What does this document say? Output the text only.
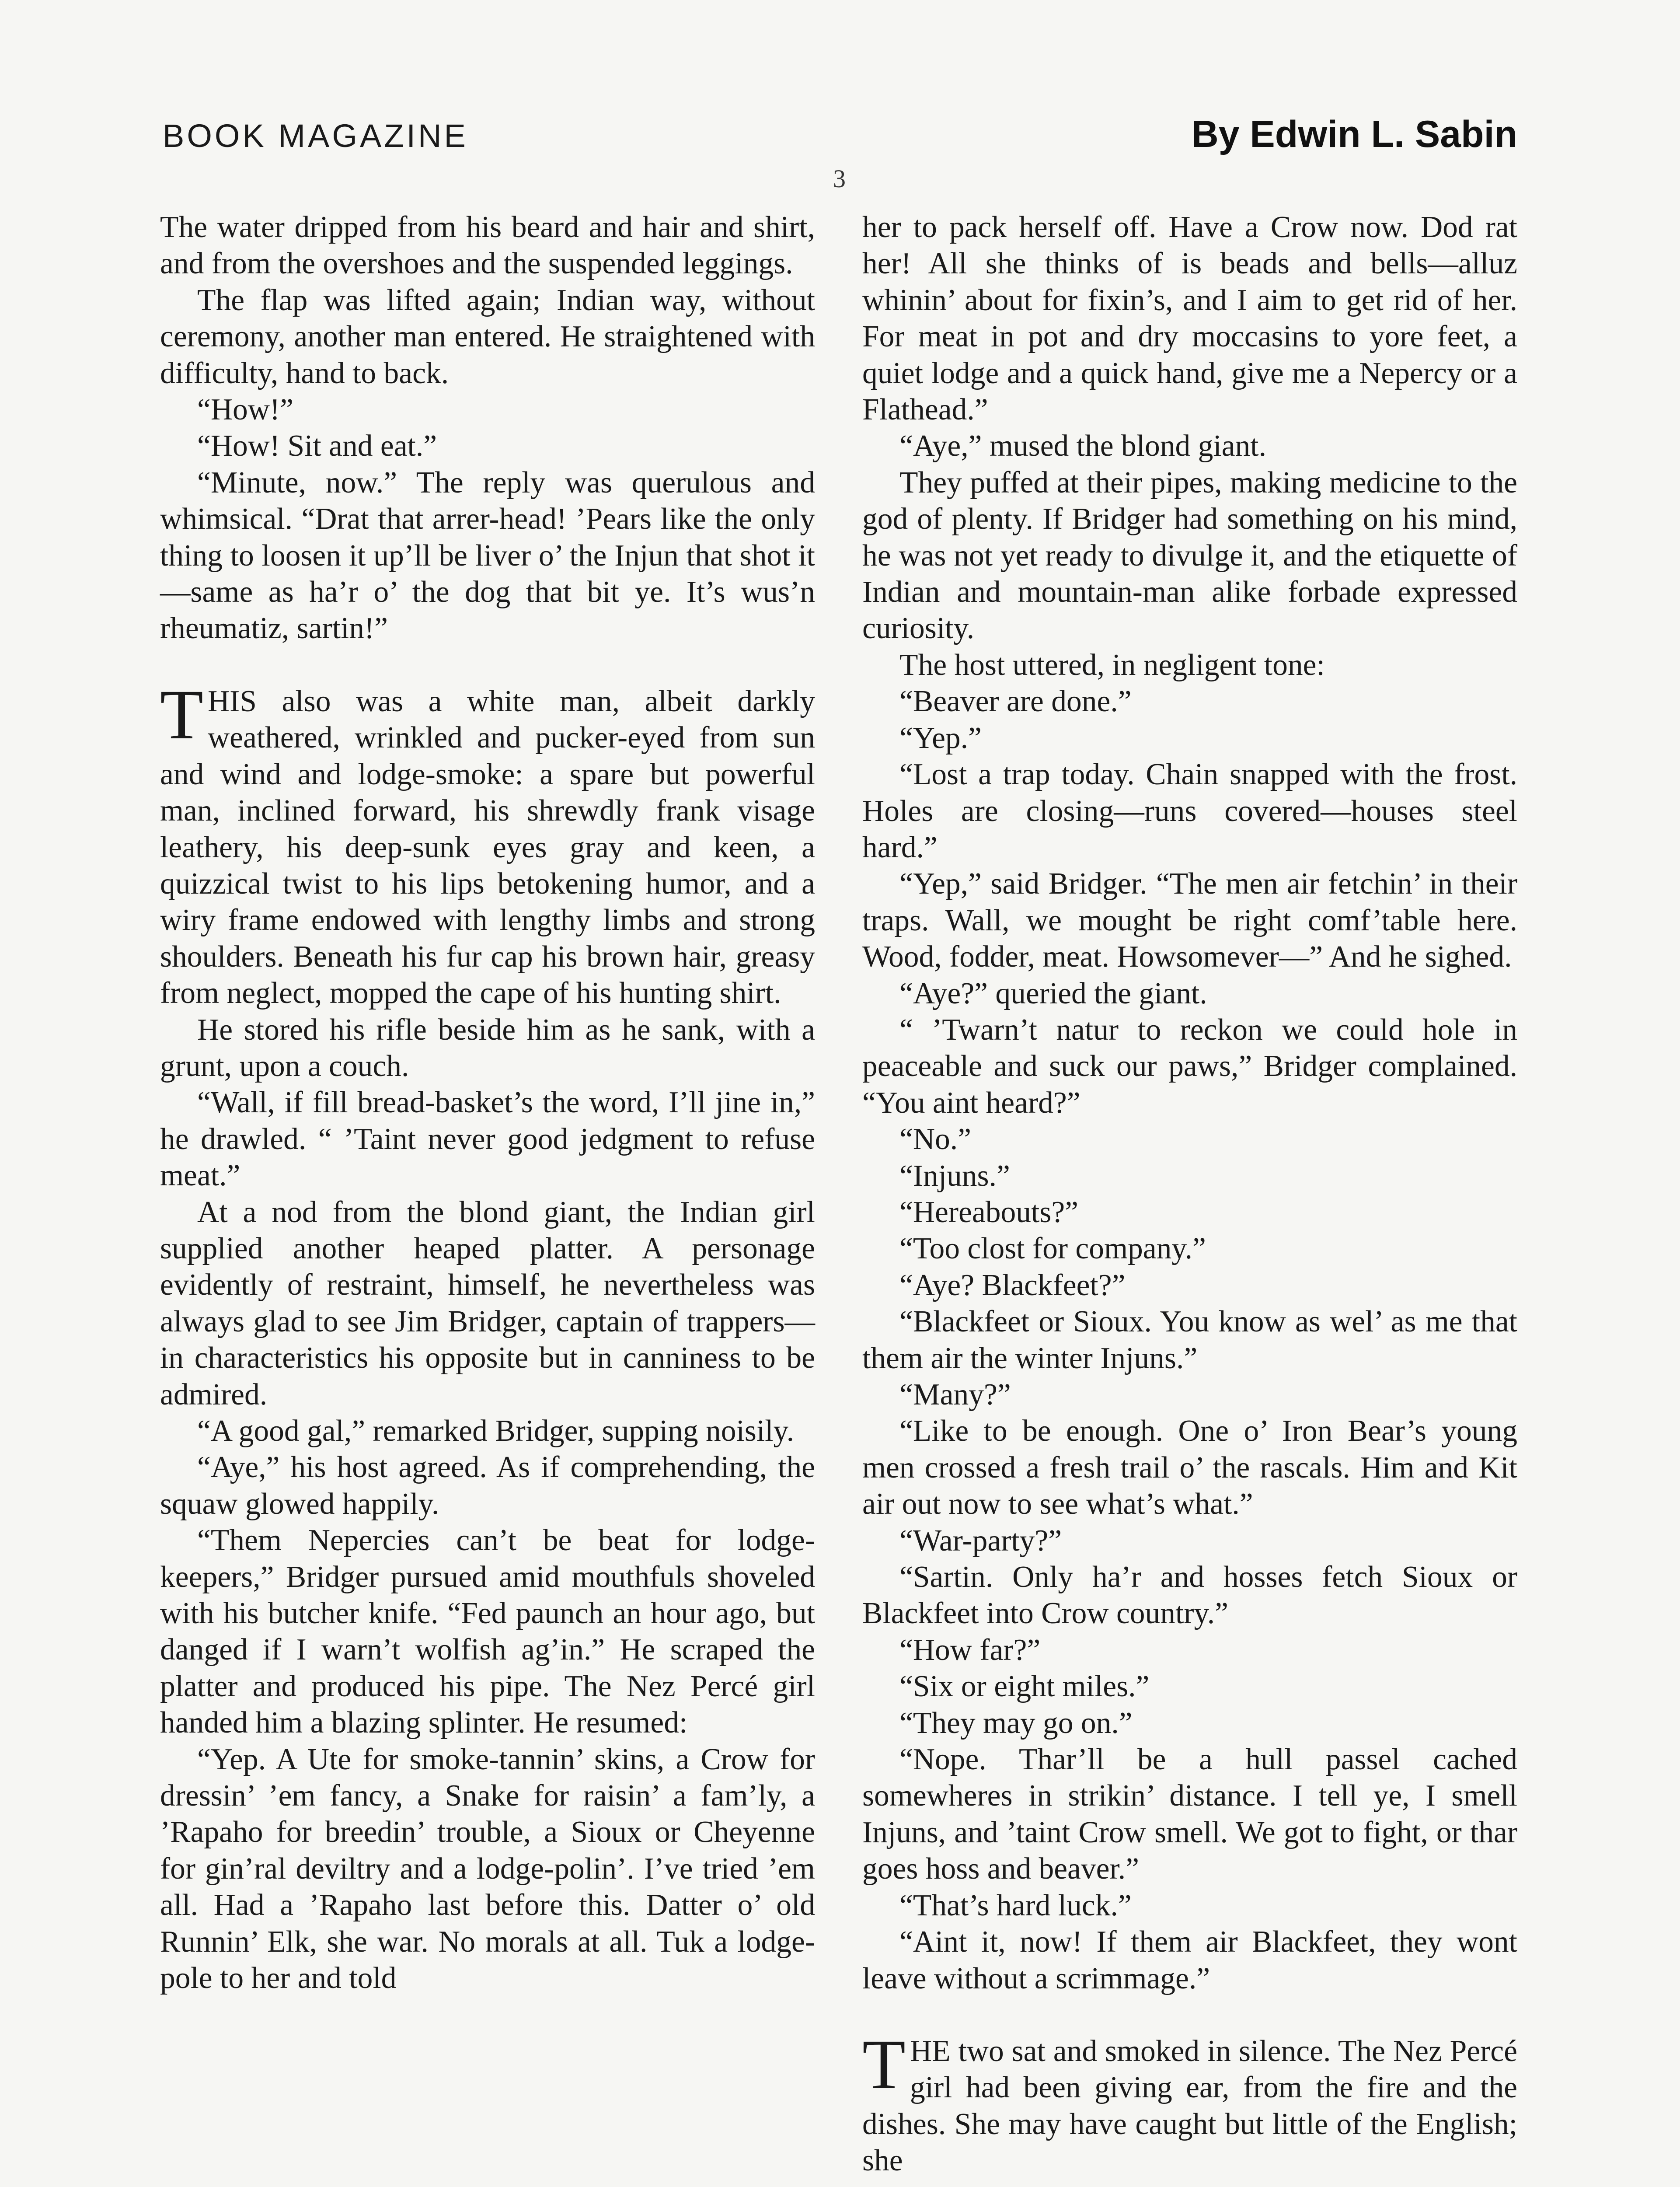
BOOK MAGAZINE	By Edwin L. Sabin
3

The water dripped from his beard and hair and shirt, and from the overshoes and the suspended leggings.

The flap was lifted again; Indian way, without ceremony, another man entered. He straightened with difficulty, hand to back.

“How!”

“How! Sit and eat.”

“Minute, now.” The reply was querulous and whimsical. “Drat that arrer-head! ’Pears like the only thing to loosen it up’ll be liver o’ the Injun that shot it—same as ha’r o’ the dog that bit ye. It’s wus’n rheumatiz, sartin!”

THIS also was a white man, albeit darkly weathered, wrinkled and pucker-eyed from sun and wind and lodge-smoke: a spare but powerful man, inclined forward, his shrewdly frank visage leathery, his deep-sunk eyes gray and keen, a quizzical twist to his lips betokening humor, and a wiry frame endowed with lengthy limbs and strong shoulders. Beneath his fur cap his brown hair, greasy from neglect, mopped the cape of his hunting shirt.

He stored his rifle beside him as he sank, with a grunt, upon a couch.

“Wall, if fill bread-basket’s the word, I’ll jine in,” he drawled. “ ’Taint never good jedgment to refuse meat.”

At a nod from the blond giant, the Indian girl supplied another heaped platter. A personage evidently of restraint, himself, he nevertheless was always glad to see Jim Bridger, captain of trappers—in characteristics his opposite but in canniness to be admired.

“A good gal,” remarked Bridger, supping noisily.

“Aye,” his host agreed. As if comprehending, the squaw glowed happily.

“Them Nepercies can’t be beat for lodge-keepers,” Bridger pursued amid mouthfuls shoveled with his butcher knife. “Fed paunch an hour ago, but danged if I warn’t wolfish ag’in.” He scraped the platter and produced his pipe. The Nez Percé girl handed him a blazing splinter. He resumed:

“Yep. A Ute for smoke-tannin’ skins, a Crow for dressin’ ’em fancy, a Snake for raisin’ a fam’ly, a ’Rapaho for breedin’ trouble, a Sioux or Cheyenne for gin’ral deviltry and a lodge-polin’. I’ve tried ’em all. Had a ’Rapaho last before this. Datter o’ old Runnin’ Elk, she war. No morals at all. Tuk a lodge-pole to her and told

her to pack herself off. Have a Crow now. Dod rat her! All she thinks of is beads and bells—alluz whinin’ about for fixin’s, and I aim to get rid of her. For meat in pot and dry moccasins to yore feet, a quiet lodge and a quick hand, give me a Nepercy or a Flathead.”

“Aye,” mused the blond giant.

They puffed at their pipes, making medicine to the god of plenty. If Bridger had something on his mind, he was not yet ready to divulge it, and the etiquette of Indian and mountain-man alike forbade expressed curiosity.

The host uttered, in negligent tone:

“Beaver are done.”

“Yep.”

“Lost a trap today. Chain snapped with the frost. Holes are closing—runs covered—houses steel hard.”

“Yep,” said Bridger. “The men air fetchin’ in their traps. Wall, we mought be right comf’table here. Wood, fodder, meat. Howsomever—” And he sighed.

“Aye?” queried the giant.

“ ’Twarn’t natur to reckon we could hole in peaceable and suck our paws,” Bridger complained. “You aint heard?”

“No.”

“Injuns.”

“Hereabouts?”

“Too clost for company.”

“Aye? Blackfeet?”

“Blackfeet or Sioux. You know as wel’ as me that them air the winter Injuns.”

“Many?”

“Like to be enough. One o’ Iron Bear’s young men crossed a fresh trail o’ the rascals. Him and Kit air out now to see what’s what.”

“War-party?”

“Sartin. Only ha’r and hosses fetch Sioux or Blackfeet into Crow country.”

“How far?”

“Six or eight miles.”

“They may go on.”

“Nope. Thar’ll be a hull passel cached somewheres in strikin’ distance. I tell ye, I smell Injuns, and ’taint Crow smell. We got to fight, or thar goes hoss and beaver.”

“That’s hard luck.”

“Aint it, now! If them air Blackfeet, they wont leave without a scrimmage.”

THE two sat and smoked in silence. The Nez Percé girl had been giving ear, from the fire and the dishes. She may have caught but little of the English; she
